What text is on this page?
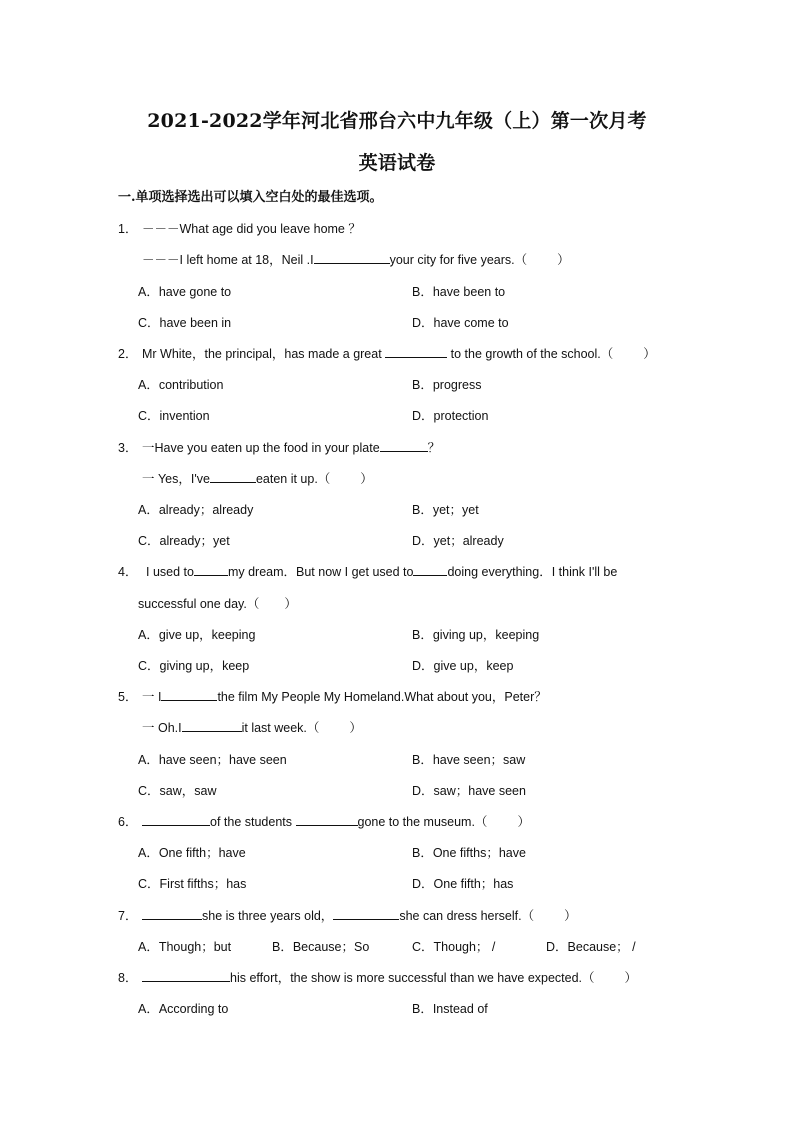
2021-2022学年河北省邢台六中九年级（上）第一次月考
英语试卷
一.单项选择选出可以填入空白处的最佳选项。
1． －－－What age did you leave home ？
－－－I left home at 18，Neil .I	your city for five years.（ ）
A．have gone to	B．have been to
C．have been in	D．have come to
2． Mr White，the principal，has made a great	to the growth of the school.（ ）
A．contribution	B．progress
C．invention	D．protection
3． 一Have you eaten up the food in your plate	？
一 Yes，I've	eaten it up.（ ）
A．already；already	B．yet；yet
C．already；yet	D．yet；already
4． I used to	my dream．But now I get used to	doing everything．I think I'll be
successful one day.（　　）
A．give up，keeping	B．giving up，keeping
C．giving up，keep	D．give up，keep
5． 一 I	the film My People My Homeland.What about you，Peter？
一 Oh.I	it last week.（ ）
A．have seen；have seen	B．have seen；saw
C．saw，saw	D．saw；have seen
6．	of the students	gone to the museum.（ ）
A．One fifth；have	B．One fifths；have
C．First fifths；has	D．One fifth；has
7．	she is three years old，	she can dress herself.（ ）
A．Though；but	B．Because；So	C．Though； /	D．Because； /
8．	his effort，the show is more successful than we have expected.（ ）
A．According to	B．Instead of
